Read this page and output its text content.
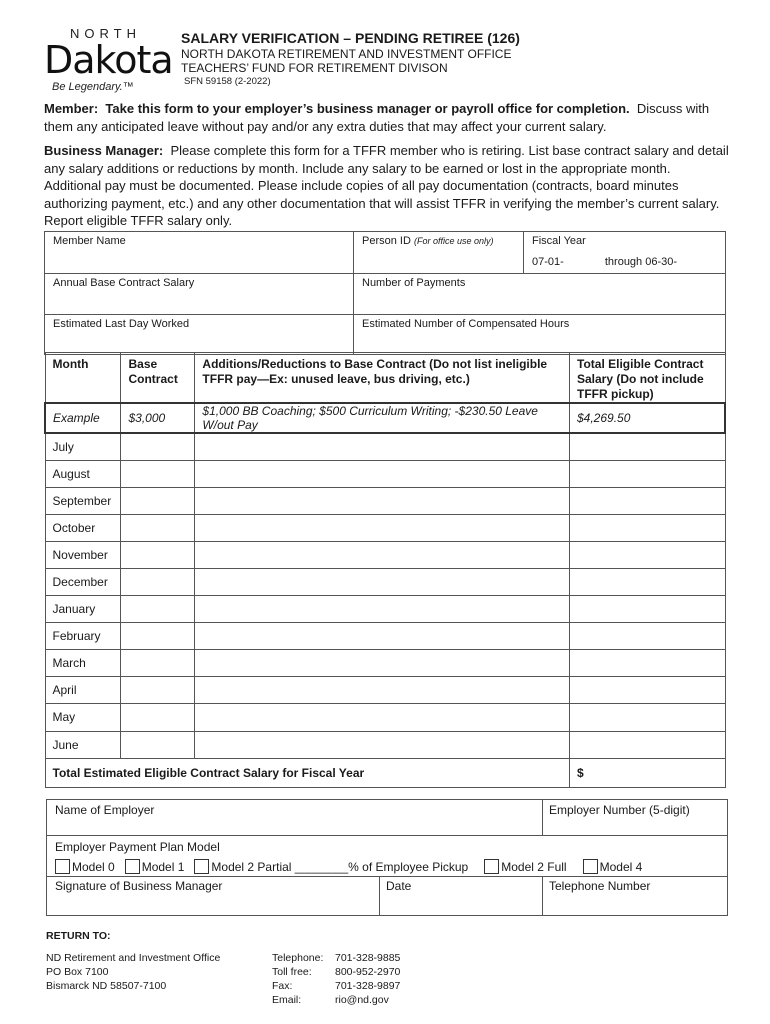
NORTH
Dakota
Be Legendary.™
SALARY VERIFICATION – PENDING RETIREE (126)
NORTH DAKOTA RETIREMENT AND INVESTMENT OFFICE
TEACHERS’ FUND FOR RETIREMENT DIVISON
SFN 59158 (2-2022)
Member: Take this form to your employer’s business manager or payroll office for completion. Discuss with them any anticipated leave without pay and/or any extra duties that may affect your current salary.
Business Manager: Please complete this form for a TFFR member who is retiring. List base contract salary and detail any salary additions or reductions by month. Include any salary to be earned or lost in the appropriate month. Additional pay must be documented. Please include copies of all pay documentation (contracts, board minutes authorizing payment, etc.) and any other documentation that will assist TFFR in verifying the member’s current salary. Report eligible TFFR salary only.
Member Name	Person ID (For office use only)	Fiscal Year
07-01-	through 06-30-
Annual Base Contract Salary	Number of Payments
Estimated Last Day Worked	Estimated Number of Compensated Hours
Month	Base Contract	Additions/Reductions to Base Contract (Do not list ineligible TFFR pay—Ex: unused leave, bus driving, etc.)	Total Eligible Contract Salary (Do not include TFFR pickup)
Example	$3,000	$1,000 BB Coaching; $500 Curriculum Writing; -$230.50 Leave W/out Pay	$4,269.50
July			
August			
September			
October			
November			
December			
January			
February			
March			
April			
May			
June			
Total Estimated Eligible Contract Salary for Fiscal Year			$
Name of Employer	Employer Number (5-digit)
Employer Payment Plan Model
Model 0 Model 1 Model 2 Partial ________% of Employee Pickup	Model 2 Full	Model 4
Signature of Business Manager	Date	Telephone Number
RETURN TO:
ND Retirement and Investment Office
PO Box 7100
Bismarck ND 58507-7100
Telephone: 701-328-9885
Toll free: 800-952-2970
Fax:	701-328-9897
Email:	rio@nd.gov
